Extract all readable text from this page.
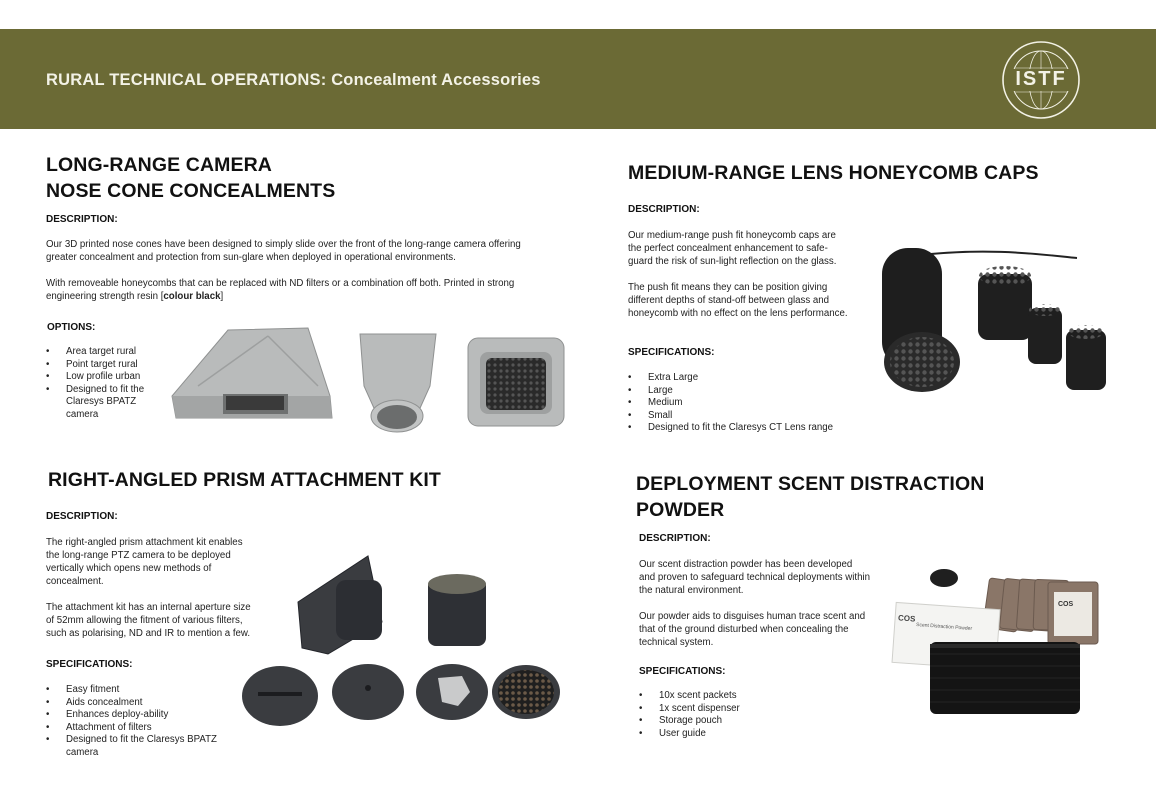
RURAL TECHNICAL OPERATIONS: Concealment Accessories	ISTF
LONG-RANGE CAMERA
NOSE CONE CONCEALMENTS
DESCRIPTION:
Our 3D printed nose cones have been designed to simply slide over the front of the long-range camera offering greater concealment and protection from sun-glare when deployed in operational environments.
With removeable honeycombs that can be replaced with ND filters or a combination off both. Printed in strong engineering strength resin [colour black]
OPTIONS:
• Area target rural
• Point target rural
• Low profile urban
• Designed to fit the Claresys BPATZ camera
MEDIUM-RANGE LENS HONEYCOMB CAPS
DESCRIPTION:
Our medium-range push fit honeycomb caps are the perfect concealment enhancement to safe-guard the risk of sun-light reflection on the glass.
The push fit means they can be position giving different depths of stand-off between glass and honeycomb with no effect on the lens performance.
SPECIFICATIONS:
• Extra Large
• Large
• Medium
• Small
• Designed to fit the Claresys CT Lens range
RIGHT-ANGLED PRISM ATTACHMENT KIT
DESCRIPTION:
The right-angled prism attachment kit enables the long-range PTZ camera to be deployed vertically which opens new methods of concealment.
The attachment kit has an internal aperture size of 52mm allowing the fitment of various filters, such as polarising, ND and IR to mention a few.
SPECIFICATIONS:
• Easy fitment
• Aids concealment
• Enhances deploy-ability
• Attachment of filters
• Designed to fit the Claresys BPATZ camera
DEPLOYMENT SCENT DISTRACTION
POWDER
DESCRIPTION:
Our scent distraction powder has been developed and proven to safeguard technical deployments within the natural environment.
Our powder aids to disguises human trace scent and that of the ground disturbed when concealing the technical system.
SPECIFICATIONS:
• 10x scent packets
• 1x scent dispenser
• Storage pouch
• User guide
COS
COS
Scent Distraction Powder
